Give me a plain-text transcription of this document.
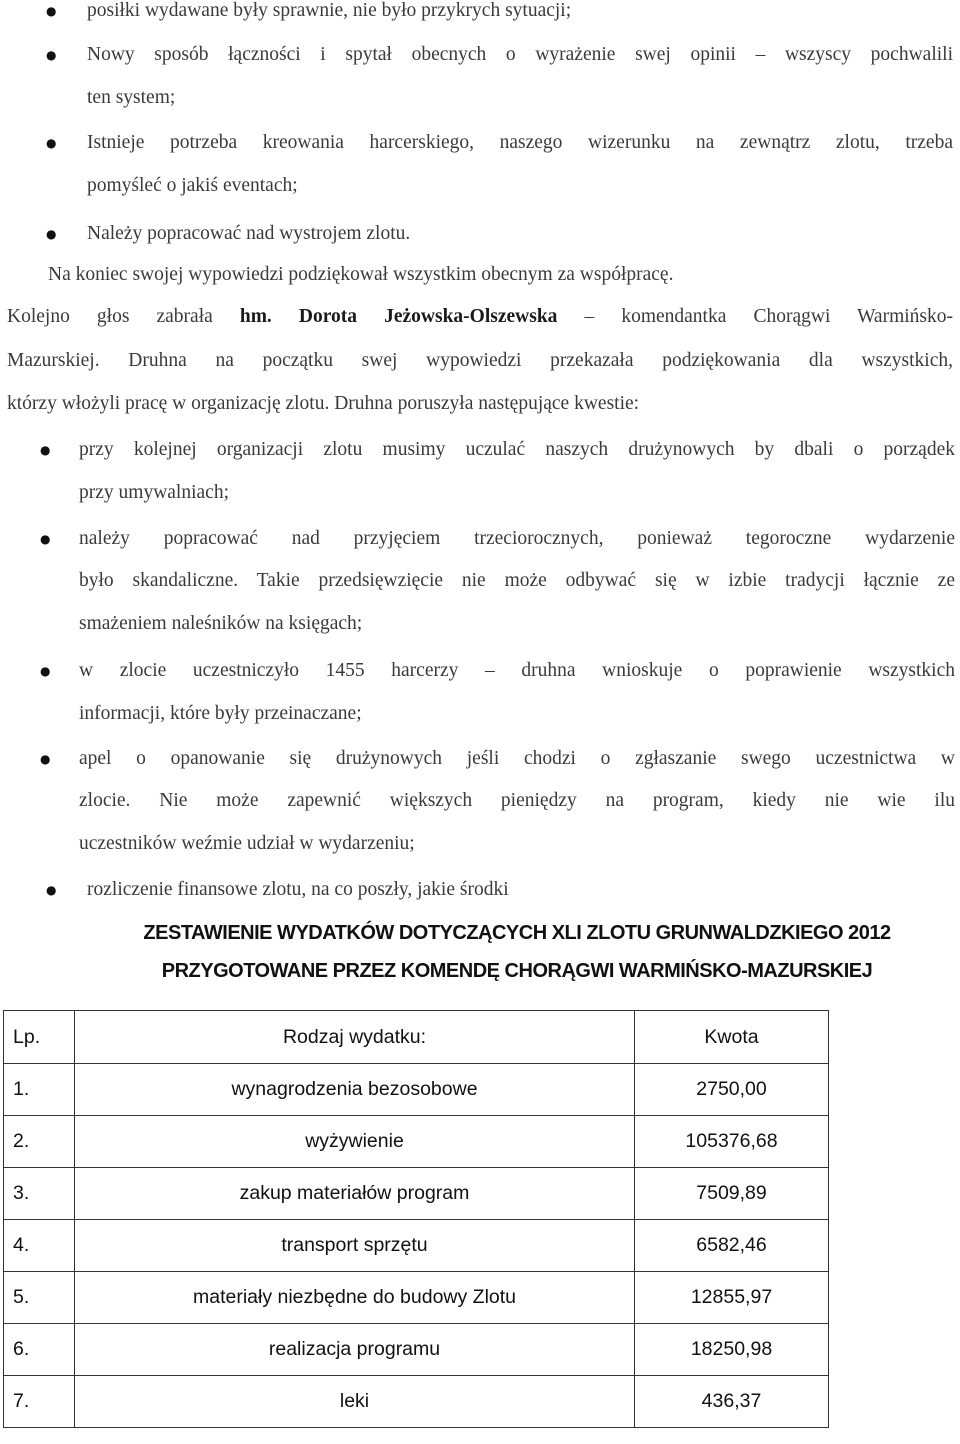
● posiłki wydawane były sprawnie, nie było przykrych sytuacji;
● Nowy sposób łączności i spytał obecnych o wyrażenie swej opinii – wszyscy pochwalili
ten system;
● Istnieje potrzeba kreowania harcerskiego, naszego wizerunku na zewnątrz zlotu, trzeba
pomyśleć o jakiś eventach;
● Należy popracować nad wystrojem zlotu.
Na koniec swojej wypowiedzi podziękował wszystkim obecnym za współpracę.
Kolejno głos zabrała hm. Dorota Jeżowska-Olszewska – komendantka Chorągwi Warmińsko-
Mazurskiej. Druhna na początku swej wypowiedzi przekazała podziękowania dla wszystkich,
którzy włożyli pracę w organizację zlotu. Druhna poruszyła następujące kwestie:
● przy kolejnej organizacji zlotu musimy uczulać naszych drużynowych by dbali o porządek
przy umywalniach;
● należy popracować nad przyjęciem trzeciorocznych, ponieważ tegoroczne wydarzenie
było skandaliczne. Takie przedsięwzięcie nie może odbywać się w izbie tradycji łącznie ze
smażeniem naleśników na księgach;
● w zlocie uczestniczyło 1455 harcerzy – druhna wnioskuje o poprawienie wszystkich
informacji, które były przeinaczane;
● apel o opanowanie się drużynowych jeśli chodzi o zgłaszanie swego uczestnictwa w
zlocie. Nie może zapewnić większych pieniędzy na program, kiedy nie wie ilu
uczestników weźmie udział w wydarzeniu;
● rozliczenie finansowe zlotu, na co poszły, jakie środki
ZESTAWIENIE WYDATKÓW DOTYCZĄCYCH XLI ZLOTU GRUNWALDZKIEGO 2012
PRZYGOTOWANE PRZEZ KOMENDĘ CHORĄGWI WARMIŃSKO-MAZURSKIEJ
Lp.	Rodzaj wydatku:	Kwota
1.	wynagrodzenia bezosobowe	2750,00
2.	wyżywienie	105376,68
3.	zakup materiałów program	7509,89
4.	transport sprzętu	6582,46
5.	materiały niezbędne do budowy Zlotu	12855,97
6.	realizacja programu	18250,98
7.	leki	436,37
